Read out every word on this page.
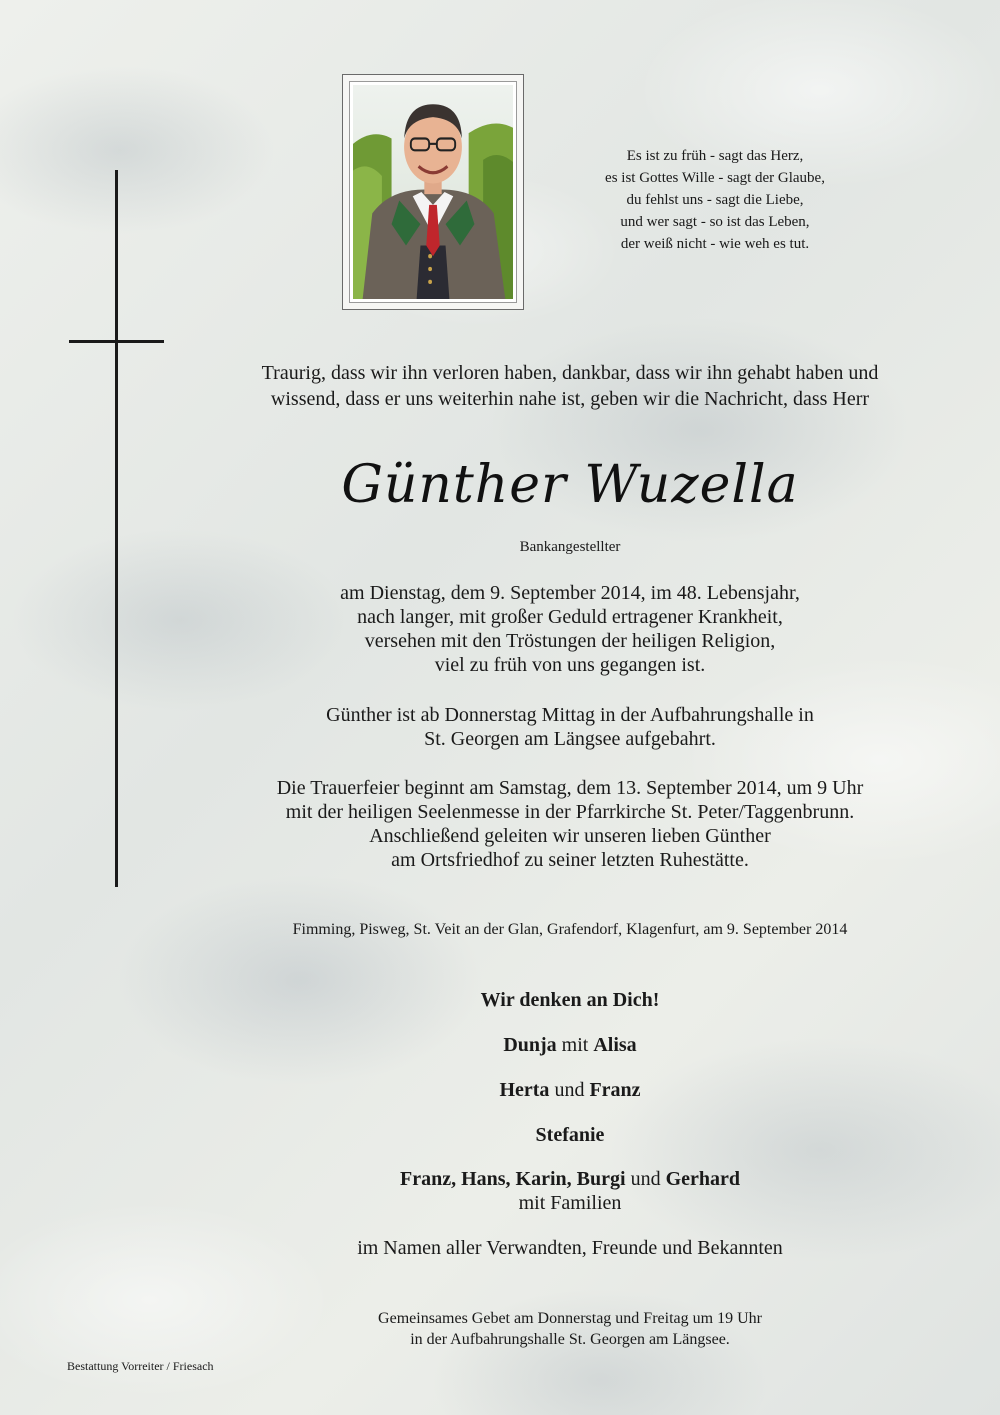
Es ist zu früh - sagt das Herz,
es ist Gottes Wille - sagt der Glaube,
du fehlst uns - sagt die Liebe,
und wer sagt - so ist das Leben,
der weiß nicht - wie weh es tut.
Traurig, dass wir ihn verloren haben, dankbar, dass wir ihn gehabt haben und
wissend, dass er uns weiterhin nahe ist, geben wir die Nachricht, dass Herr
Günther Wuzella
Bankangestellter
am Dienstag, dem 9. September 2014, im 48. Lebensjahr,
nach langer, mit großer Geduld ertragener Krankheit,
versehen mit den Tröstungen der heiligen Religion,
viel zu früh von uns gegangen ist.
Günther ist ab Donnerstag Mittag in der Aufbahrungshalle in
St. Georgen am Längsee aufgebahrt.
Die Trauerfeier beginnt am Samstag, dem 13. September 2014, um 9 Uhr
mit der heiligen Seelenmesse in der Pfarrkirche St. Peter/Taggenbrunn.
Anschließend geleiten wir unseren lieben Günther
am Ortsfriedhof zu seiner letzten Ruhestätte.
Fimming, Pisweg, St. Veit an der Glan, Grafendorf, Klagenfurt, am 9. September 2014
Wir denken an Dich!
Dunja mit Alisa
Herta und Franz
Stefanie
Franz, Hans, Karin, Burgi und Gerhard
mit Familien
im Namen aller Verwandten, Freunde und Bekannten
Gemeinsames Gebet am Donnerstag und Freitag um 19 Uhr
in der Aufbahrungshalle St. Georgen am Längsee.
Bestattung Vorreiter / Friesach
